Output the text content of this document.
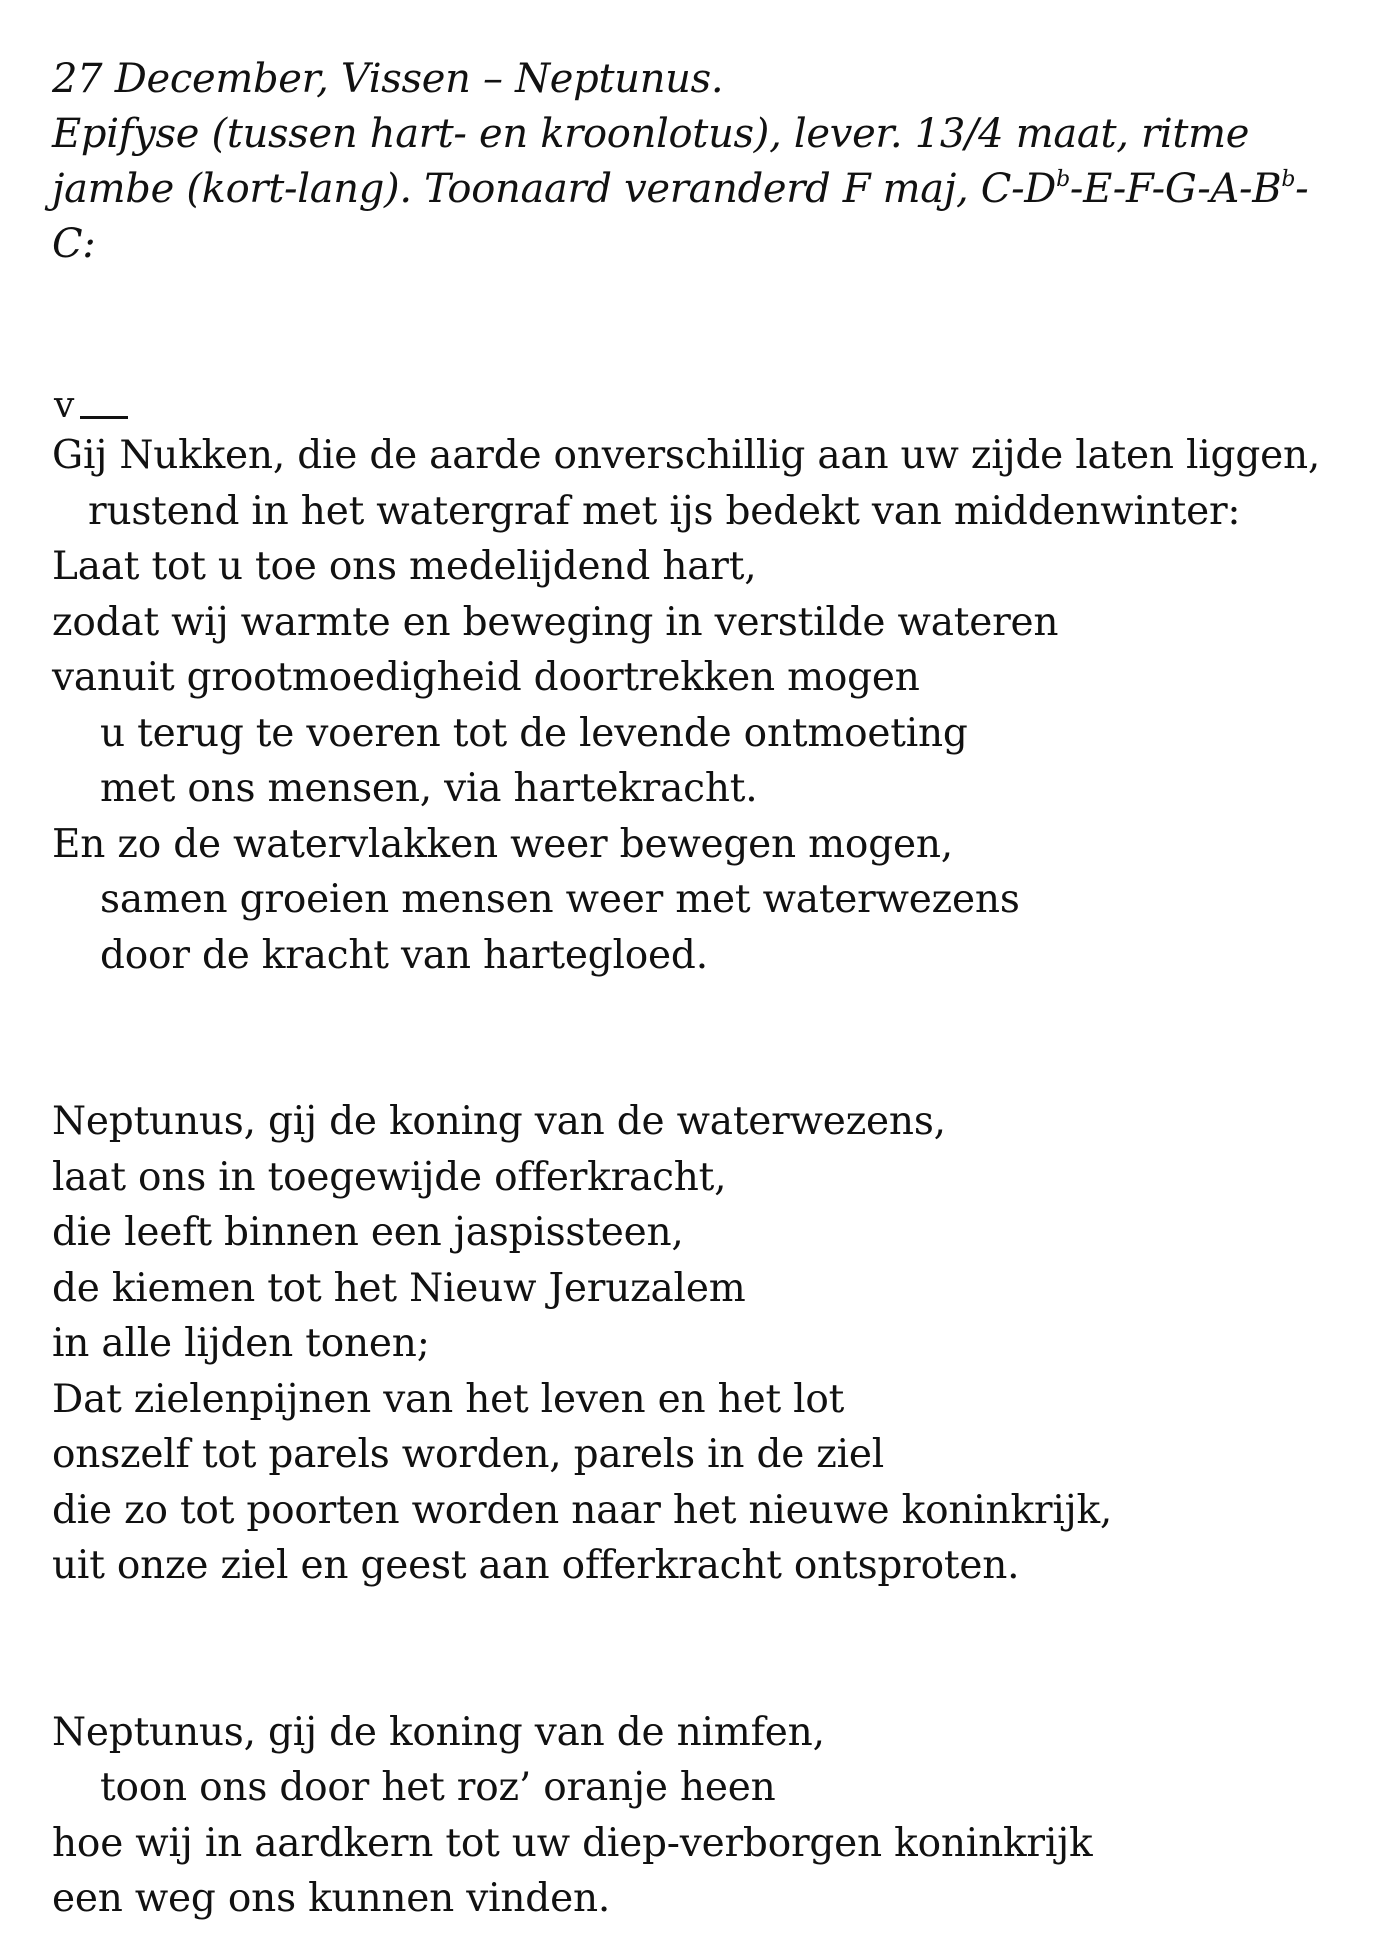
27 December, Vissen – Neptunus.
Epifyse (tussen hart- en kroonlotus), lever. 13/4 maat, ritme
jambe (kort-lang). Toonaard veranderd F maj, $C-D^b-E-F-G-A-B^b-$
C:
v
Gij Nukken, die de aarde onverschillig aan uw zijde laten liggen,
rustend in het watergraf met ijs bedekt van middenwinter:
Laat tot u toe ons medelijdend hart,
zodat wij warmte en beweging in verstilde wateren
vanuit grootmoedigheid doortrekken mogen
u terug te voeren tot de levende ontmoeting
met ons mensen, via hartekracht.
En zo de watervlakken weer bewegen mogen,
samen groeien mensen weer met waterwezens
door de kracht van hartegloed.
Neptunus, gij de koning van de waterwezens,
laat ons in toegewijde offerkracht,
die leeft binnen een jaspissteen,
de kiemen tot het Nieuw Jeruzalem
in alle lijden tonen;
Dat zielenpijnen van het leven en het lot
onszelf tot parels worden, parels in de ziel
die zo tot poorten worden naar het nieuwe koninkrijk,
uit onze ziel en geest aan offerkracht ontsproten.
Neptunus, gij de koning van de nimfen,
toon ons door het roz’ oranje heen
hoe wij in aardkern tot uw diep-verborgen koninkrijk
een weg ons kunnen vinden.
